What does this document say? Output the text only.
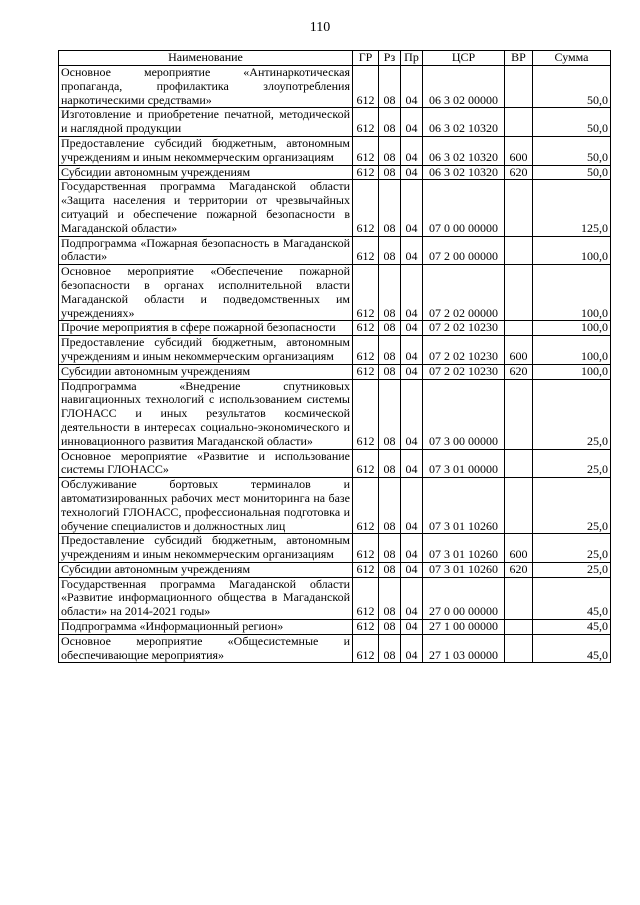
110
Наименование	ГР	Рз	Пр	ЦСР	ВР	Сумма
Основное мероприятие «Антинаркотическая пропаганда, профилактика злоупотребления наркотическими средствами»	612	08	04	06 3 02 00000		50,0
Изготовление и приобретение печатной, методической и наглядной продукции	612	08	04	06 3 02 10320		50,0
Предоставление субсидий бюджетным, автономным учреждениям и иным некоммерческим организациям	612	08	04	06 3 02 10320	600	50,0
Субсидии автономным учреждениям	612	08	04	06 3 02 10320	620	50,0
Государственная программа Магаданской области «Защита населения и территории от чрезвычайных ситуаций и обеспечение пожарной безопасности в Магаданской области»	612	08	04	07 0 00 00000		125,0
Подпрограмма «Пожарная безопасность в Магаданской области»	612	08	04	07 2 00 00000		100,0
Основное мероприятие «Обеспечение пожарной безопасности в органах исполнительной власти Магаданской области и подведомственных им учреждениях»	612	08	04	07 2 02 00000		100,0
Прочие мероприятия в сфере пожарной безопасности	612	08	04	07 2 02 10230		100,0
Предоставление субсидий бюджетным, автономным учреждениям и иным некоммерческим организациям	612	08	04	07 2 02 10230	600	100,0
Субсидии автономным учреждениям	612	08	04	07 2 02 10230	620	100,0
Подпрограмма «Внедрение спутниковых навигационных технологий с использованием системы ГЛОНАСС и иных результатов космической деятельности в интересах социально-экономического и инновационного развития Магаданской области»	612	08	04	07 3 00 00000		25,0
Основное мероприятие «Развитие и использование системы ГЛОНАСС»	612	08	04	07 3 01 00000		25,0
Обслуживание бортовых терминалов и автоматизированных рабочих мест мониторинга на базе технологий ГЛОНАСС, профессиональная подготовка и обучение специалистов и должностных лиц	612	08	04	07 3 01 10260		25,0
Предоставление субсидий бюджетным, автономным учреждениям и иным некоммерческим организациям	612	08	04	07 3 01 10260	600	25,0
Субсидии автономным учреждениям	612	08	04	07 3 01 10260	620	25,0
Государственная программа Магаданской области «Развитие информационного общества в Магаданской области» на 2014-2021 годы»	612	08	04	27 0 00 00000		45,0
Подпрограмма «Информационный регион»	612	08	04	27 1 00 00000		45,0
Основное мероприятие «Общесистемные и обеспечивающие мероприятия»	612	08	04	27 1 03 00000		45,0
